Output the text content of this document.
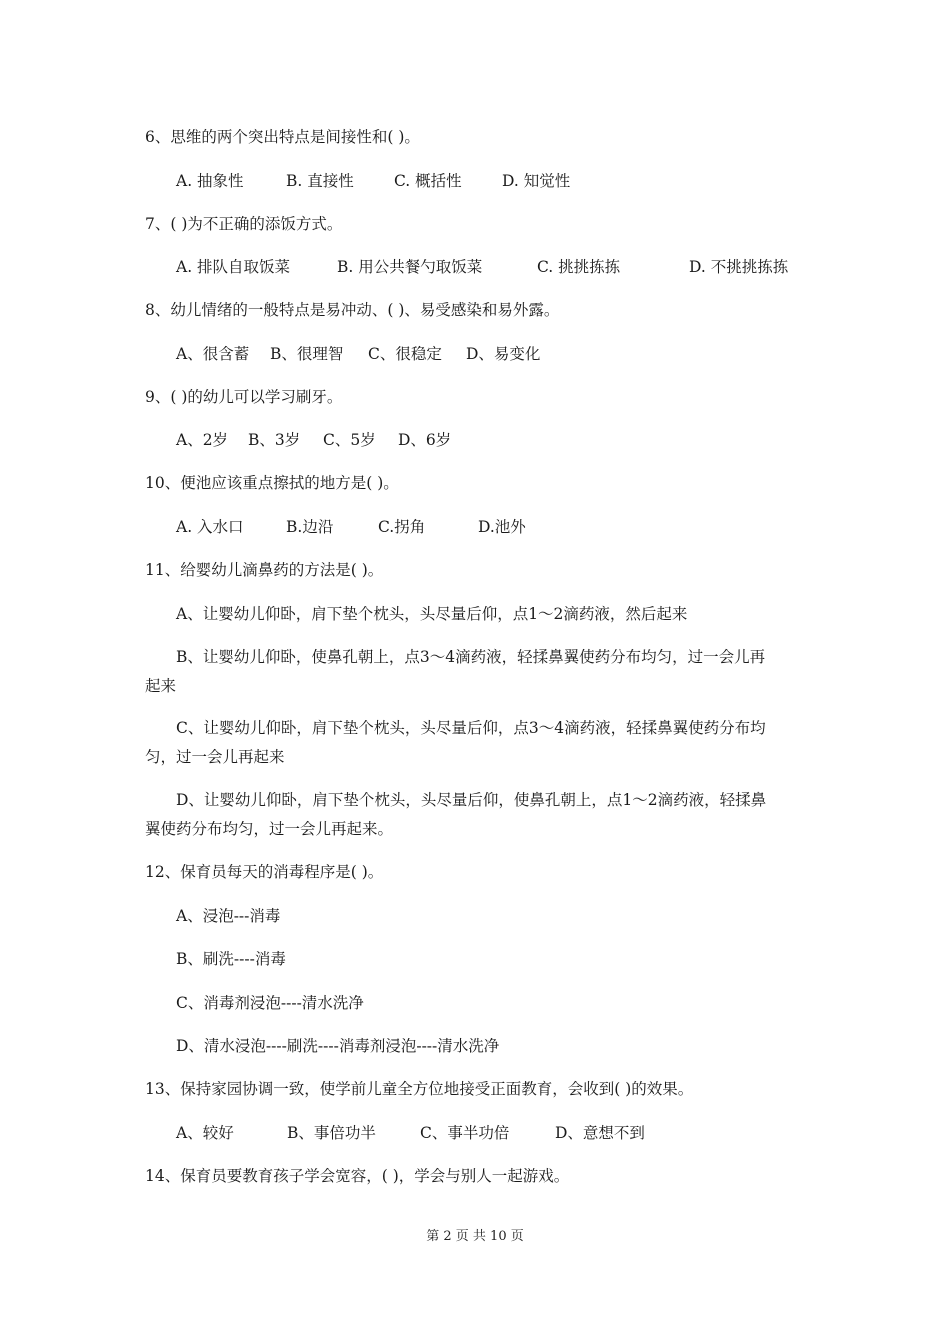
6、思维的两个突出特点是间接性和( )。
A. 抽象性	B. 直接性	C. 概括性	D. 知觉性
7、( )为不正确的添饭方式。
A. 排队自取饭菜	B. 用公共餐勺取饭菜	C. 挑挑拣拣	D. 不挑挑拣拣
8、幼儿情绪的一般特点是易冲动、( )、易受感染和易外露。
A、很含蓄 B、很理智 C、很稳定 D、易变化
9、( )的幼儿可以学习刷牙。
A、2岁 B、3岁 C、5岁 D、6岁
10、便池应该重点擦拭的地方是( )。
A. 入水口	B.边沿	C.拐角	D.池外
11、给婴幼儿滴鼻药的方法是( )。
A、让婴幼儿仰卧，肩下垫个枕头，头尽量后仰，点1～2滴药液，然后起来
B、让婴幼儿仰卧，使鼻孔朝上，点3～4滴药液，轻揉鼻翼使药分布均匀，过一会儿再
起来
C、让婴幼儿仰卧，肩下垫个枕头，头尽量后仰，点3～4滴药液，轻揉鼻翼使药分布均
匀，过一会儿再起来
D、让婴幼儿仰卧，肩下垫个枕头，头尽量后仰，使鼻孔朝上，点1～2滴药液，轻揉鼻
翼使药分布均匀，过一会儿再起来。
12、保育员每天的消毒程序是( )。
A、浸泡---消毒
B、刷洗----消毒
C、消毒剂浸泡----清水洗净
D、清水浸泡----刷洗----消毒剂浸泡----清水洗净
13、保持家园协调一致，使学前儿童全方位地接受正面教育，会收到( )的效果。
A、较好	B、事倍功半	C、事半功倍	D、意想不到
14、保育员要教育孩子学会宽容，( )，学会与别人一起游戏。
第 2 页 共 10 页
